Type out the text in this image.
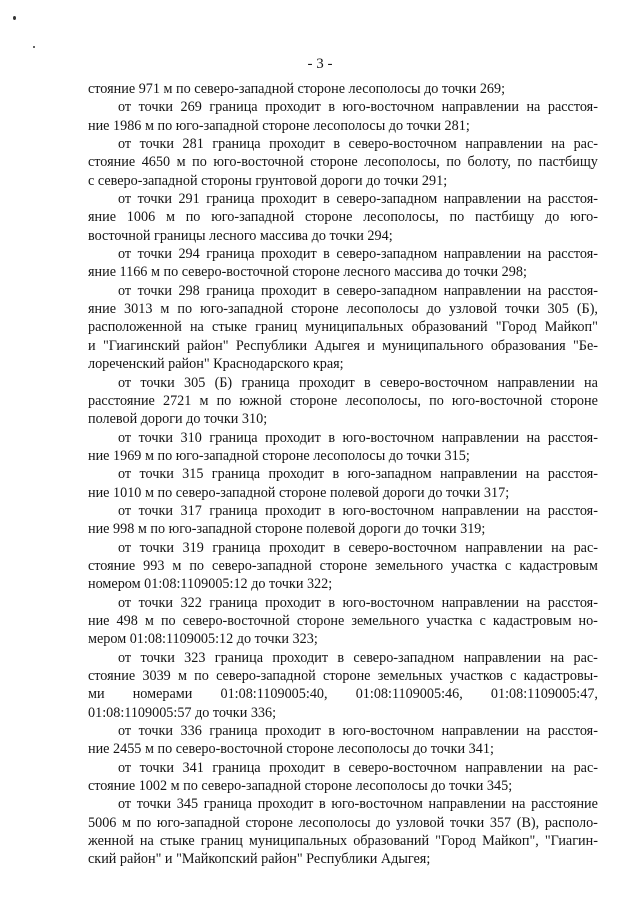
- 3 -
стояние 971 м по северо-западной стороне лесополосы до точки 269;
от точки 269 граница проходит в юго-восточном направлении на расстоя-
ние 1986 м по юго-западной стороне лесополосы до точки 281;
от точки 281 граница проходит в северо-восточном направлении на рас-
стояние 4650 м по юго-восточной стороне лесополосы, по болоту, по пастбищу
с северо-западной стороны грунтовой дороги до точки 291;
от точки 291 граница проходит в северо-западном направлении на расстоя-
яние 1006 м по юго-западной стороне лесополосы, по пастбищу до юго-
восточной границы лесного массива до точки 294;
от точки 294 граница проходит в северо-западном направлении на расстоя-
яние 1166 м по северо-восточной стороне лесного массива до точки 298;
от точки 298 граница проходит в северо-западном направлении на расстоя-
яние 3013 м по юго-западной стороне лесополосы до узловой точки 305 (Б),
расположенной на стыке границ муниципальных образований "Город Майкоп"
и "Гиагинский район" Республики Адыгея и муниципального образования "Бе-
лореченский район" Краснодарского края;
от точки 305 (Б) граница проходит в северо-восточном направлении на
расстояние 2721 м по южной стороне лесополосы, по юго-восточной стороне
полевой дороги до точки 310;
от точки 310 граница проходит в юго-восточном направлении на расстоя-
ние 1969 м по юго-западной стороне лесополосы до точки 315;
от точки 315 граница проходит в юго-западном направлении на расстоя-
ние 1010 м по северо-западной стороне полевой дороги до точки 317;
от точки 317 граница проходит в юго-восточном направлении на расстоя-
ние 998 м по юго-западной стороне полевой дороги до точки 319;
от точки 319 граница проходит в северо-восточном направлении на рас-
стояние 993 м по северо-западной стороне земельного участка с кадастровым
номером 01:08:1109005:12 до точки 322;
от точки 322 граница проходит в юго-восточном направлении на расстоя-
ние 498 м по северо-восточной стороне земельного участка с кадастровым но-
мером 01:08:1109005:12 до точки 323;
от точки 323 граница проходит в северо-западном направлении на рас-
стояние 3039 м по северо-западной стороне земельных участков с кадастровы-
ми номерами 01:08:1109005:40, 01:08:1109005:46, 01:08:1109005:47,
01:08:1109005:57 до точки 336;
от точки 336 граница проходит в юго-восточном направлении на расстоя-
ние 2455 м по северо-восточной стороне лесополосы до точки 341;
от точки 341 граница проходит в северо-восточном направлении на рас-
стояние 1002 м по северо-западной стороне лесополосы до точки 345;
от точки 345 граница проходит в юго-восточном направлении на расстояние
5006 м по юго-западной стороне лесополосы до узловой точки 357 (В), располо-
женной на стыке границ муниципальных образований "Город Майкоп", "Гиагин-
ский район" и "Майкопский район" Республики Адыгея;
